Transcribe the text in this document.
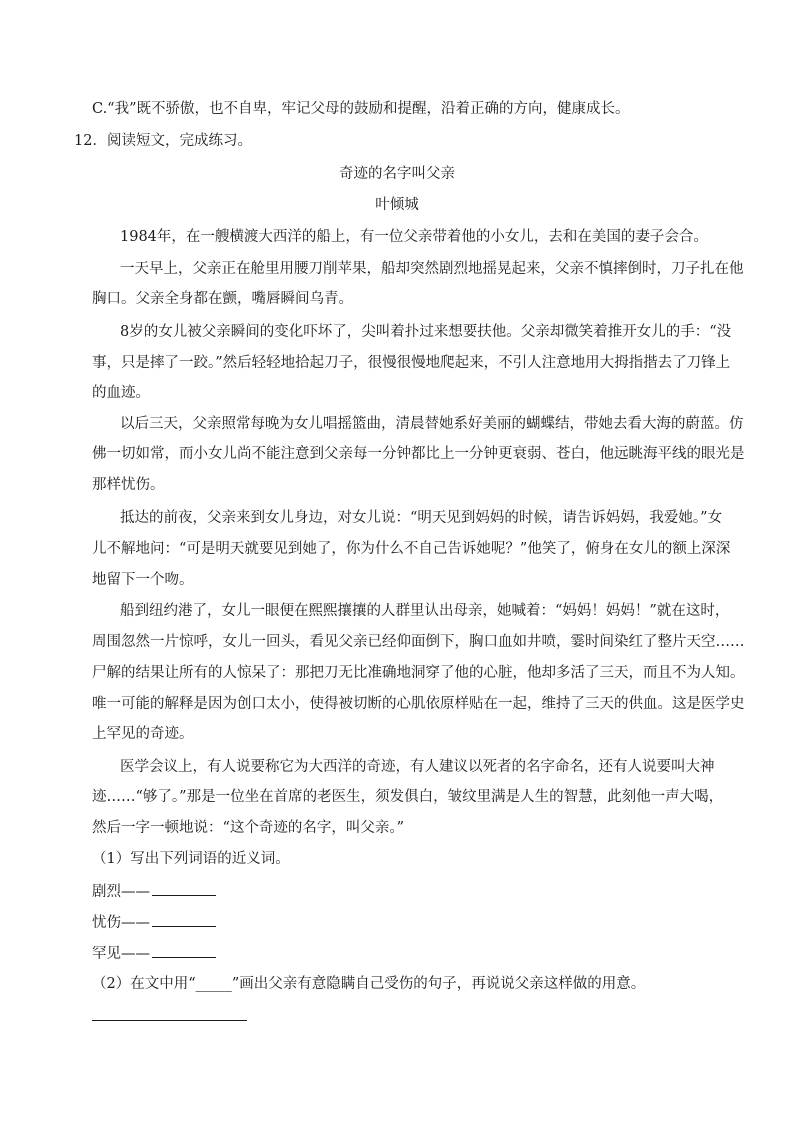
C.“我”既不骄傲，也不自卑，牢记父母的鼓励和提醒，沿着正确的方向，健康成长。
12．阅读短文，完成练习。
奇迹的名字叫父亲
叶倾城
1984年，在一艘横渡大西洋的船上，有一位父亲带着他的小女儿，去和在美国的妻子会合。
一天早上，父亲正在舱里用腰刀削苹果，船却突然剧烈地摇晃起来，父亲不慎摔倒时，刀子扎在他
胸口。父亲全身都在颤，嘴唇瞬间乌青。
8岁的女儿被父亲瞬间的变化吓坏了，尖叫着扑过来想要扶他。父亲却微笑着推开女儿的手：“没
事，只是摔了一跤。”然后轻轻地拾起刀子，很慢很慢地爬起来，不引人注意地用大拇指揩去了刀锋上
的血迹。
以后三天，父亲照常每晚为女儿唱摇篮曲，清晨替她系好美丽的蝴蝶结，带她去看大海的蔚蓝。仿
佛一切如常，而小女儿尚不能注意到父亲每一分钟都比上一分钟更衰弱、苍白，他远眺海平线的眼光是
那样忧伤。
抵达的前夜，父亲来到女儿身边，对女儿说：“明天见到妈妈的时候，请告诉妈妈，我爱她。”女
儿不解地问：“可是明天就要见到她了，你为什么不自己告诉她呢？”他笑了，俯身在女儿的额上深深
地留下一个吻。
船到纽约港了，女儿一眼便在熙熙攘攘的人群里认出母亲，她喊着：“妈妈！妈妈！”就在这时，
周围忽然一片惊呼，女儿一回头，看见父亲已经仰面倒下，胸口血如井喷，霎时间染红了整片天空……
尸解的结果让所有的人惊呆了：那把刀无比准确地洞穿了他的心脏，他却多活了三天，而且不为人知。
唯一可能的解释是因为创口太小，使得被切断的心肌依原样贴在一起，维持了三天的供血。这是医学史
上罕见的奇迹。
医学会议上，有人说要称它为大西洋的奇迹，有人建议以死者的名字命名，还有人说要叫大神
迹……“够了。”那是一位坐在首席的老医生，须发俱白，皱纹里满是人生的智慧，此刻他一声大喝，
然后一字一顿地说：“这个奇迹的名字，叫父亲。”
（1）写出下列词语的近义词。
剧烈——
忧伤——
罕见——
（2）在文中用“_____”画出父亲有意隐瞒自己受伤的句子，再说说父亲这样做的用意。
